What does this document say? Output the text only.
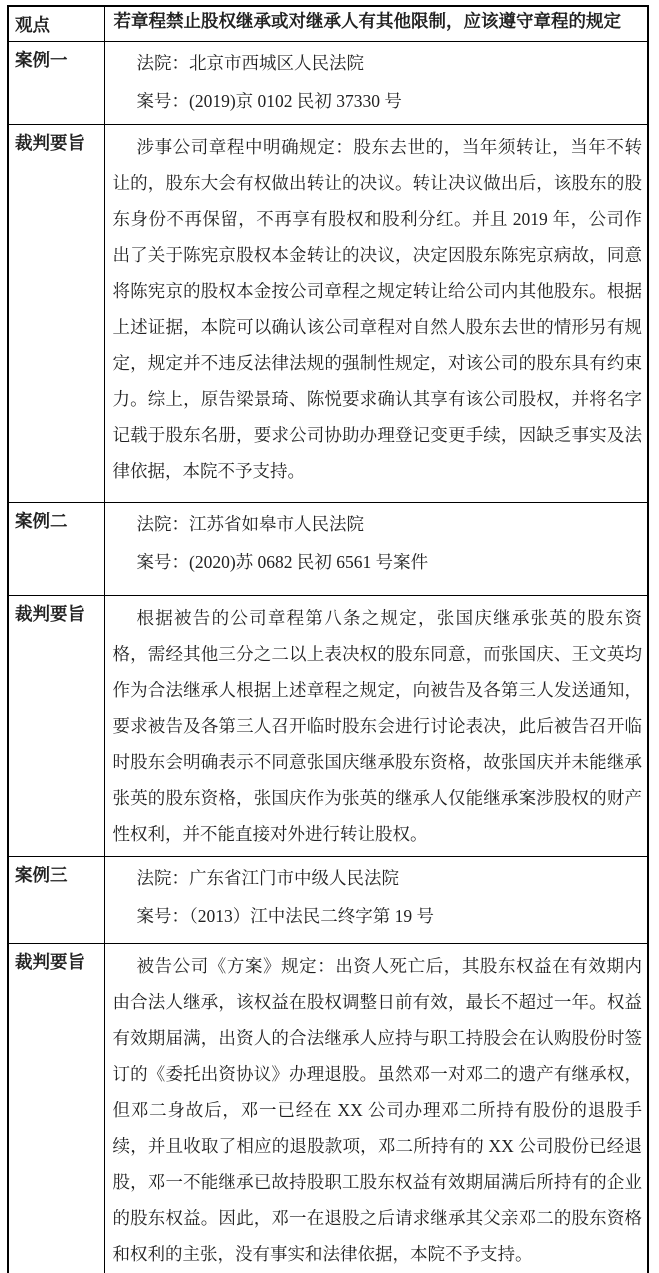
观点	若章程禁止股权继承或对继承人有其他限制，应该遵守章程的规定
案例一	法院：北京市西城区人民法院

案号：(2019)京 0102 民初 37330 号

裁判要旨	涉事公司章程中明确规定：股东去世的，当年须转让，当年不转让的，股东大会有权做出转让的决议。转让决议做出后，该股东的股东身份不再保留，不再享有股权和股利分红。并且 2019 年，公司作出了关于陈宪京股权本金转让的决议，决定因股东陈宪京病故，同意将陈宪京的股权本金按公司章程之规定转让给公司内其他股东。根据上述证据，本院可以确认该公司章程对自然人股东去世的情形另有规定，规定并不违反法律法规的强制性规定，对该公司的股东具有约束力。综上，原告梁景琦、陈悦要求确认其享有该公司股权，并将名字记载于股东名册，要求公司协助办理登记变更手续，因缺乏事实及法律依据，本院不予支持。

案例二	法院：江苏省如皋市人民法院

案号：(2020)苏 0682 民初 6561 号案件

裁判要旨	根据被告的公司章程第八条之规定，张国庆继承张英的股东资格，需经其他三分之二以上表决权的股东同意，而张国庆、王文英均作为合法继承人根据上述章程之规定，向被告及各第三人发送通知，要求被告及各第三人召开临时股东会进行讨论表决，此后被告召开临时股东会明确表示不同意张国庆继承股东资格，故张国庆并未能继承张英的股东资格，张国庆作为张英的继承人仅能继承案涉股权的财产性权利，并不能直接对外进行转让股权。

案例三	法院：广东省江门市中级人民法院

案号：（2013）江中法民二终字第 19 号

裁判要旨	被告公司《方案》规定：出资人死亡后，其股东权益在有效期内由合法人继承，该权益在股权调整日前有效，最长不超过一年。权益有效期届满，出资人的合法继承人应持与职工持股会在认购股份时签订的《委托出资协议》办理退股。虽然邓一对邓二的遗产有继承权，但邓二身故后，邓一已经在 XX 公司办理邓二所持有股份的退股手续，并且收取了相应的退股款项，邓二所持有的 XX 公司股份已经退股，邓一不能继承已故持股职工股东权益有效期届满后所持有的企业的股东权益。因此，邓一在退股之后请求继承其父亲邓二的股东资格和权利的主张，没有事实和法律依据，本院不予支持。
